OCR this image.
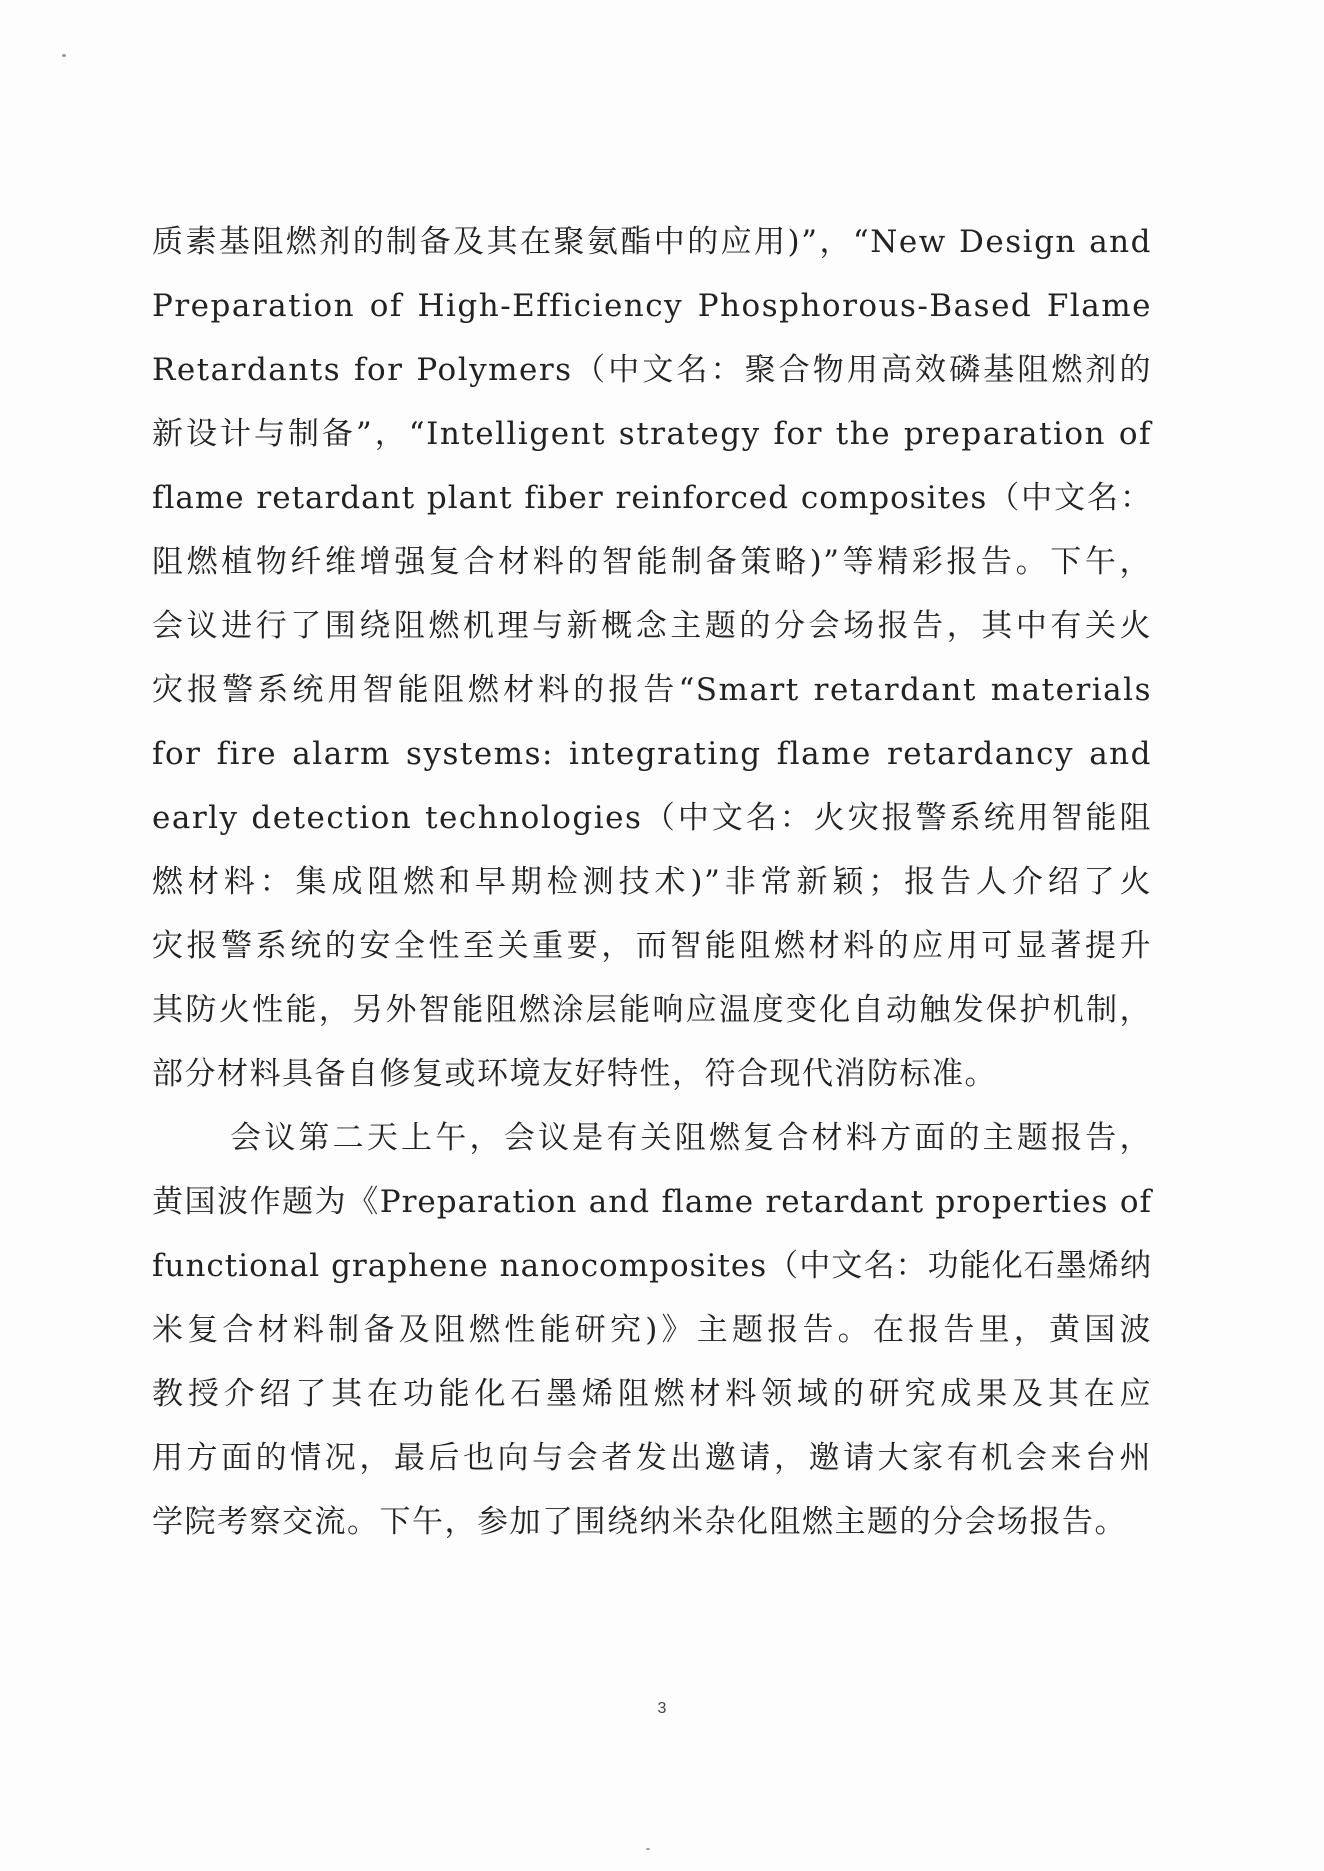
质素基阻燃剂的制备及其在聚氨酯中的应用)”，“New Design and
Preparation of High-Efficiency Phosphorous-Based Flame
Retardants for Polymers（中文名：聚合物用高效磷基阻燃剂的
新设计与制备”，“Intelligent strategy for the preparation of
flame retardant plant fiber reinforced composites（中文名：
阻燃植物纤维增强复合材料的智能制备策略)”等精彩报告。下午，
会议进行了围绕阻燃机理与新概念主题的分会场报告，其中有关火
灾报警系统用智能阻燃材料的报告“Smart retardant materials
for fire alarm systems: integrating flame retardancy and
early detection technologies（中文名：火灾报警系统用智能阻
燃材料：集成阻燃和早期检测技术)”非常新颖；报告人介绍了火
灾报警系统的安全性至关重要，而智能阻燃材料的应用可显著提升
其防火性能，另外智能阻燃涂层能响应温度变化自动触发保护机制，
部分材料具备自修复或环境友好特性，符合现代消防标准。
会议第二天上午，会议是有关阻燃复合材料方面的主题报告，
黄国波作题为《Preparation and flame retardant properties of
functional graphene nanocomposites（中文名：功能化石墨烯纳
米复合材料制备及阻燃性能研究)》主题报告。在报告里，黄国波
教授介绍了其在功能化石墨烯阻燃材料领域的研究成果及其在应
用方面的情况，最后也向与会者发出邀请，邀请大家有机会来台州
学院考察交流。下午，参加了围绕纳米杂化阻燃主题的分会场报告。
3
